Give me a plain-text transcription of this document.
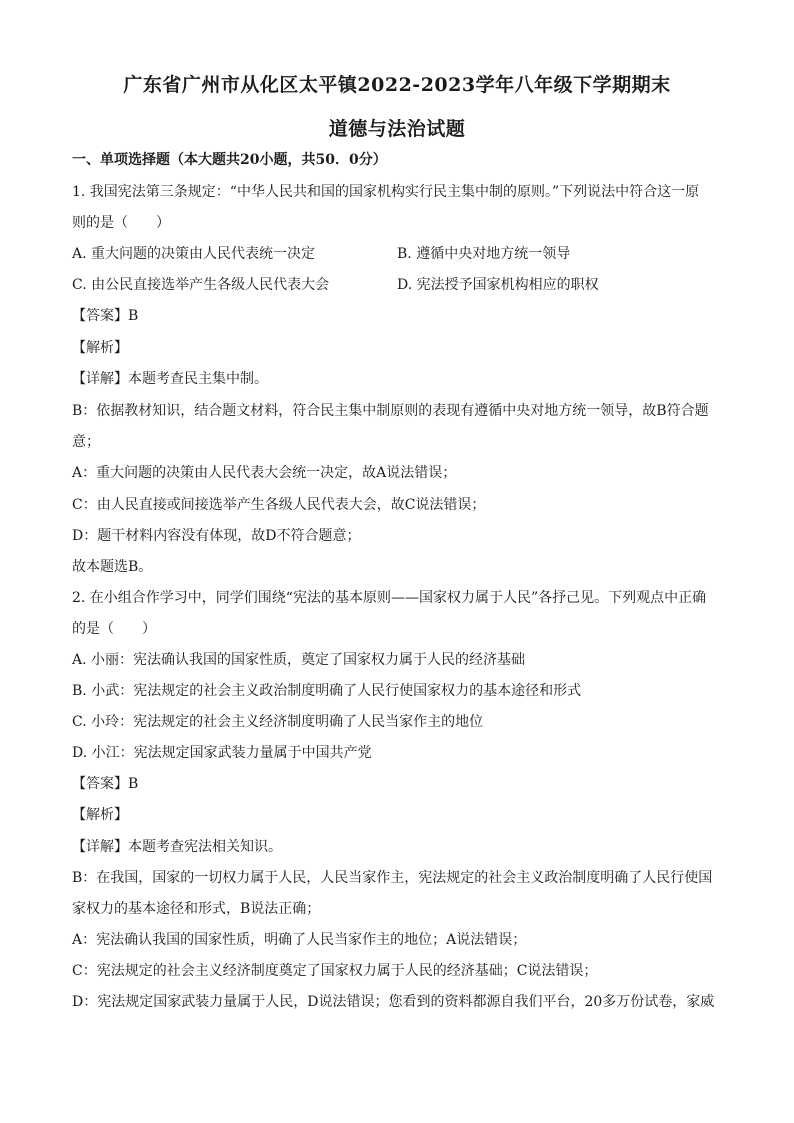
广东省广州市从化区太平镇2022-2023学年八年级下学期期末
道德与法治试题
一、单项选择题（本大题共20小题，共50．0分）
1. 我国宪法第三条规定：“中华人民共和国的国家机构实行民主集中制的原则。”下列说法中符合这一原
则的是（　　）
A. 重大问题的决策由人民代表统一决定	B. 遵循中央对地方统一领导
C. 由公民直接选举产生各级人民代表大会	D. 宪法授予国家机构相应的职权
【答案】B
【解析】
【详解】本题考查民主集中制。
B：依据教材知识，结合题文材料，符合民主集中制原则的表现有遵循中央对地方统一领导，故B符合题
意；
A：重大问题的决策由人民代表大会统一决定，故A说法错误；
C：由人民直接或间接选举产生各级人民代表大会，故C说法错误；
D：题干材料内容没有体现，故D不符合题意；
故本题选B。
2. 在小组合作学习中，同学们围绕“宪法的基本原则——国家权力属于人民”各抒己见。下列观点中正确
的是（　　）
A. 小丽：宪法确认我国的国家性质，奠定了国家权力属于人民的经济基础
B. 小武：宪法规定的社会主义政治制度明确了人民行使国家权力的基本途径和形式
C. 小玲：宪法规定的社会主义经济制度明确了人民当家作主的地位
D. 小江：宪法规定国家武装力量属于中国共产党
【答案】B
【解析】
【详解】本题考查宪法相关知识。
B：在我国，国家的一切权力属于人民，人民当家作主，宪法规定的社会主义政治制度明确了人民行使国
家权力的基本途径和形式，B说法正确；
A：宪法确认我国的国家性质，明确了人民当家作主的地位；A说法错误；
C：宪法规定的社会主义经济制度奠定了国家权力属于人民的经济基础；C说法错误；
D：宪法规定国家武装力量属于人民，D说法错误；您看到的资料都源自我们平台，20多万份试卷，家威
